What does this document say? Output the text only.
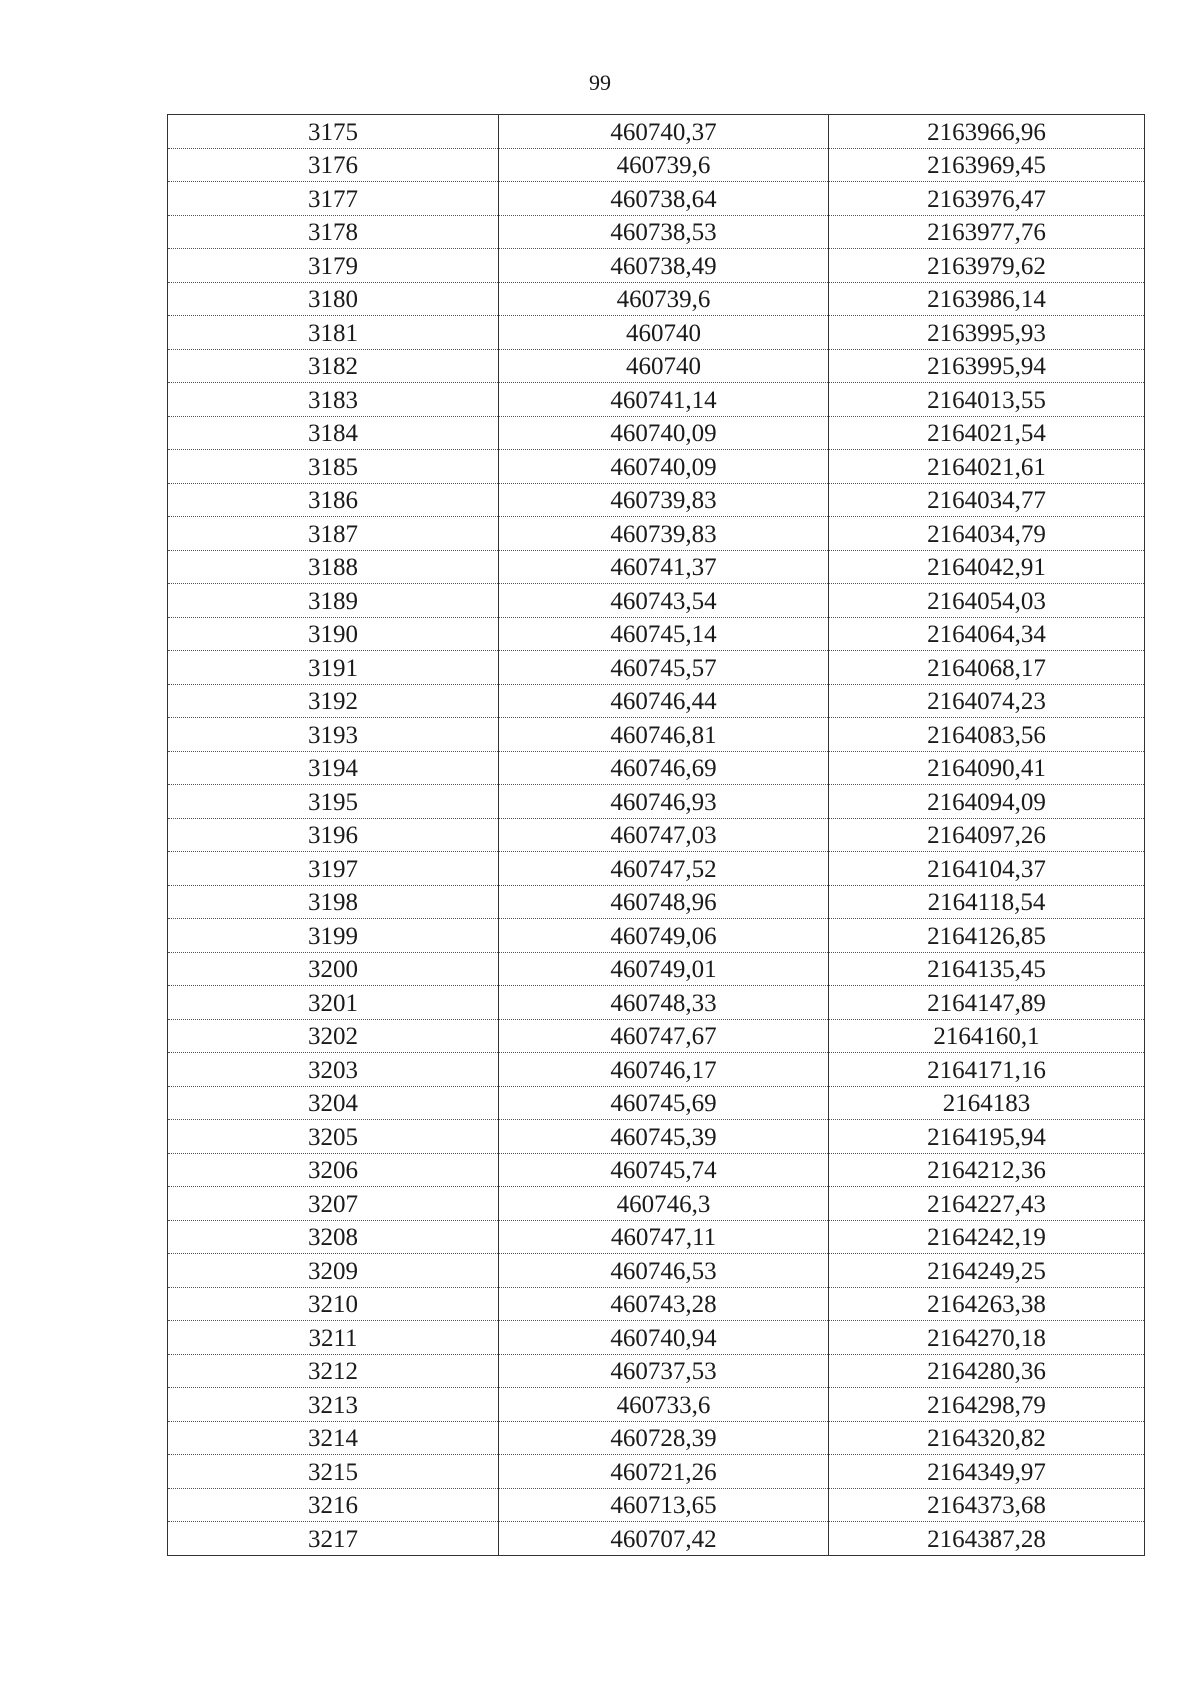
99
3175	460740,37	2163966,96
3176	460739,6	2163969,45
3177	460738,64	2163976,47
3178	460738,53	2163977,76
3179	460738,49	2163979,62
3180	460739,6	2163986,14
3181	460740	2163995,93
3182	460740	2163995,94
3183	460741,14	2164013,55
3184	460740,09	2164021,54
3185	460740,09	2164021,61
3186	460739,83	2164034,77
3187	460739,83	2164034,79
3188	460741,37	2164042,91
3189	460743,54	2164054,03
3190	460745,14	2164064,34
3191	460745,57	2164068,17
3192	460746,44	2164074,23
3193	460746,81	2164083,56
3194	460746,69	2164090,41
3195	460746,93	2164094,09
3196	460747,03	2164097,26
3197	460747,52	2164104,37
3198	460748,96	2164118,54
3199	460749,06	2164126,85
3200	460749,01	2164135,45
3201	460748,33	2164147,89
3202	460747,67	2164160,1
3203	460746,17	2164171,16
3204	460745,69	2164183
3205	460745,39	2164195,94
3206	460745,74	2164212,36
3207	460746,3	2164227,43
3208	460747,11	2164242,19
3209	460746,53	2164249,25
3210	460743,28	2164263,38
3211	460740,94	2164270,18
3212	460737,53	2164280,36
3213	460733,6	2164298,79
3214	460728,39	2164320,82
3215	460721,26	2164349,97
3216	460713,65	2164373,68
3217	460707,42	2164387,28
